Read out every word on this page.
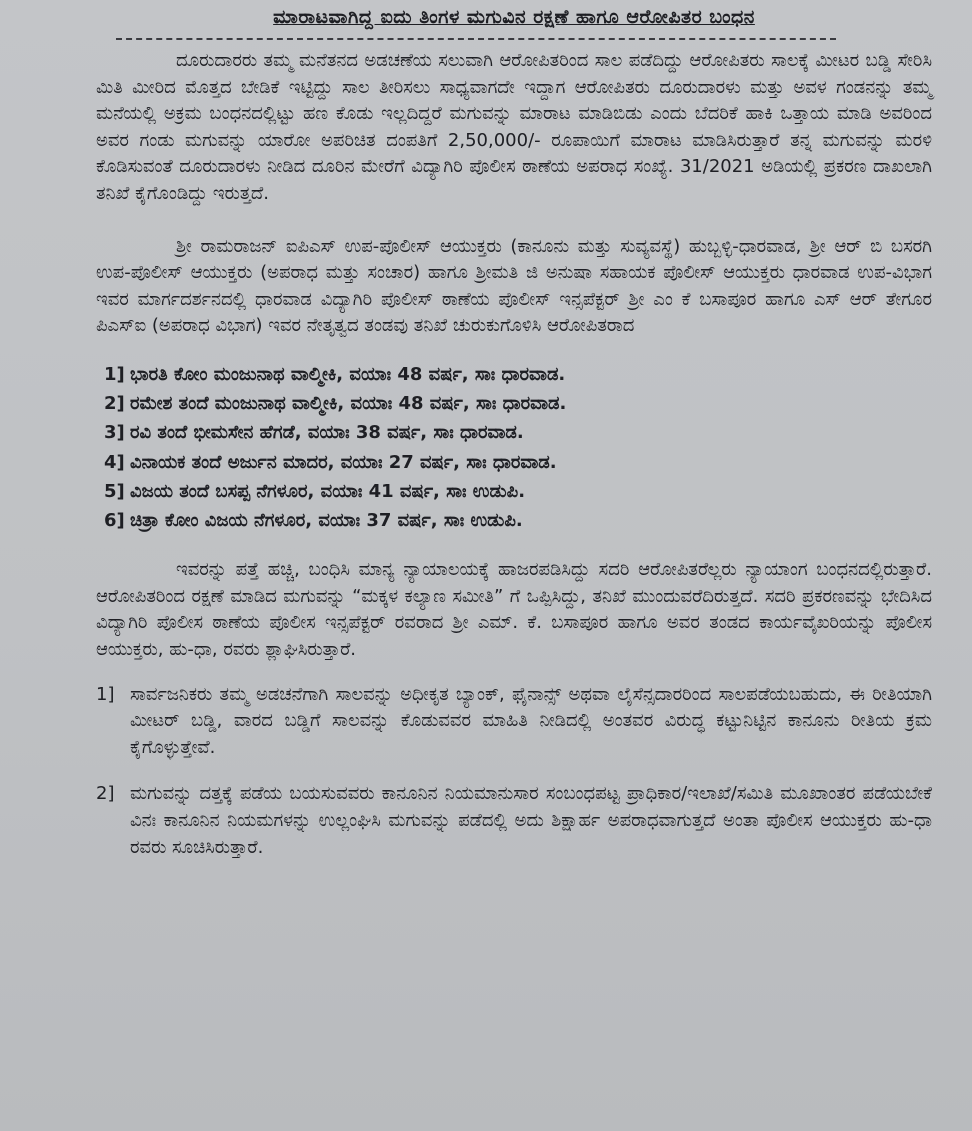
ಮಾರಾಟವಾಗಿದ್ದ ಐದು ತಿಂಗಳ ಮಗುವಿನ ರಕ್ಷಣೆ ಹಾಗೂ ಆರೋಪಿತರ ಬಂಧನ

ದೂರುದಾರರು ತಮ್ಮ ಮನೆತನದ ಅಡಚಣೆಯ ಸಲುವಾಗಿ ಆರೋಪಿತರಿಂದ ಸಾಲ ಪಡೆದಿದ್ದು ಆರೋಪಿತರು ಸಾಲಕ್ಕೆ ಮೀಟರ ಬಡ್ಡಿ ಸೇರಿಸಿ ಮಿತಿ ಮೀರಿದ ಮೊತ್ತದ ಬೇಡಿಕೆ ಇಟ್ಟಿದ್ದು ಸಾಲ ತೀರಿಸಲು ಸಾಧ್ಯವಾಗದೇ ಇದ್ದಾಗ ಆರೋಪಿತರು ದೂರುದಾರಳು ಮತ್ತು ಅವಳ ಗಂಡನನ್ನು ತಮ್ಮ ಮನೆಯಲ್ಲಿ ಅಕ್ರಮ ಬಂಧನದಲ್ಲಿಟ್ಟು ಹಣ ಕೊಡು ಇಲ್ಲದಿದ್ದರೆ ಮಗುವನ್ನು ಮಾರಾಟ ಮಾಡಿಬಿಡು ಎಂದು ಬೆದರಿಕೆ ಹಾಕಿ ಒತ್ತಾಯ ಮಾಡಿ ಅವರಿಂದ ಅವರ ಗಂಡು ಮಗುವನ್ನು ಯಾರೋ ಅಪರಿಚಿತ ದಂಪತಿಗೆ 2,50,000/- ರೂಪಾಯಿಗೆ ಮಾರಾಟ ಮಾಡಿಸಿರುತ್ತಾರೆ ತನ್ನ ಮಗುವನ್ನು ಮರಳಿ ಕೊಡಿಸುವಂತೆ ದೂರುದಾರಳು ನೀಡಿದ ದೂರಿನ ಮೇರೆಗೆ ವಿದ್ಯಾಗಿರಿ ಪೊಲೀಸ ಠಾಣೆಯ ಅಪರಾಧ ಸಂಖ್ಯೆ. 31/2021 ಅಡಿಯಲ್ಲಿ ಪ್ರಕರಣ ದಾಖಲಾಗಿ ತನಿಖೆ ಕೈಗೊಂಡಿದ್ದು ಇರುತ್ತದೆ.

ಶ್ರೀ ರಾಮರಾಜನ್ ಐಪಿಎಸ್ ಉಪ-ಪೊಲೀಸ್ ಆಯುಕ್ತರು (ಕಾನೂನು ಮತ್ತು ಸುವ್ಯವಸ್ಥೆ) ಹುಬ್ಬಳ್ಳಿ-ಧಾರವಾಡ, ಶ್ರೀ ಆರ್ ಬಿ ಬಸರಗಿ ಉಪ-ಪೊಲೀಸ್ ಆಯುಕ್ತರು (ಅಪರಾಧ ಮತ್ತು ಸಂಚಾರ) ಹಾಗೂ ಶ್ರೀಮತಿ ಜಿ ಅನುಷಾ ಸಹಾಯಕ ಪೊಲೀಸ್ ಆಯುಕ್ತರು ಧಾರವಾಡ ಉಪ-ವಿಭಾಗ ಇವರ ಮಾರ್ಗದರ್ಶನದಲ್ಲಿ ಧಾರವಾಡ ವಿದ್ಯಾಗಿರಿ ಪೊಲೀಸ್ ಠಾಣೆಯ ಪೊಲೀಸ್ ಇನ್ಸಪೆಕ್ಟರ್ ಶ್ರೀ ಎಂ ಕೆ ಬಸಾಪೂರ ಹಾಗೂ ಎಸ್ ಆರ್ ತೇಗೂರ ಪಿಎಸ್ಐ (ಅಪರಾಧ ವಿಭಾಗ) ಇವರ ನೇತೃತ್ವದ ತಂಡವು ತನಿಖೆ ಚುರುಕುಗೊಳಿಸಿ ಆರೋಪಿತರಾದ

1] ಭಾರತಿ ಕೋಂ ಮಂಜುನಾಥ ವಾಲ್ಮೀಕಿ, ವಯಾಃ 48 ವರ್ಷ, ಸಾಃ ಧಾರವಾಡ.
2] ರಮೇಶ ತಂದೆ ಮಂಜುನಾಥ ವಾಲ್ಮೀಕಿ, ವಯಾಃ 48 ವರ್ಷ, ಸಾಃ ಧಾರವಾಡ.
3] ರವಿ ತಂದೆ ಭೀಮಸೇನ ಹೆಗಡೆ, ವಯಾಃ 38 ವರ್ಷ, ಸಾಃ ಧಾರವಾಡ.
4] ವಿನಾಯಕ ತಂದೆ ಅರ್ಜುನ ಮಾದರ, ವಯಾಃ 27 ವರ್ಷ, ಸಾಃ ಧಾರವಾಡ.
5] ವಿಜಯ ತಂದೆ ಬಸಪ್ಪ ನೆಗಳೂರ, ವಯಾಃ 41 ವರ್ಷ, ಸಾಃ ಉಡುಪಿ.
6] ಚಿತ್ರಾ ಕೋಂ ವಿಜಯ ನೆಗಳೂರ, ವಯಾಃ 37 ವರ್ಷ, ಸಾಃ ಉಡುಪಿ.

ಇವರನ್ನು ಪತ್ತೆ ಹಚ್ಚಿ, ಬಂಧಿಸಿ ಮಾನ್ಯ ನ್ಯಾಯಾಲಯಕ್ಕೆ ಹಾಜರಪಡಿಸಿದ್ದು ಸದರಿ ಆರೋಪಿತರೆಲ್ಲರು ನ್ಯಾಯಾಂಗ ಬಂಧನದಲ್ಲಿರುತ್ತಾರೆ. ಆರೋಪಿತರಿಂದ ರಕ್ಷಣೆ ಮಾಡಿದ ಮಗುವನ್ನು “ಮಕ್ಕಳ ಕಲ್ಯಾಣ ಸಮೀತಿ” ಗೆ ಒಪ್ಪಿಸಿದ್ದು, ತನಿಖೆ ಮುಂದುವರೆದಿರುತ್ತದೆ. ಸದರಿ ಪ್ರಕರಣವನ್ನು ಭೇದಿಸಿದ ವಿದ್ಯಾಗಿರಿ ಪೊಲೀಸ ಠಾಣೆಯ ಪೊಲೀಸ ಇನ್ಸಪೆಕ್ಟರ್ ರವರಾದ ಶ್ರೀ ಎಮ್. ಕೆ. ಬಸಾಪೂರ ಹಾಗೂ ಅವರ ತಂಡದ ಕಾರ್ಯವೈಖರಿಯನ್ನು ಪೊಲೀಸ ಆಯುಕ್ತರು, ಹು-ಧಾ, ರವರು ಶ್ಲಾಘಿಸಿರುತ್ತಾರೆ.

1] ಸಾರ್ವಜನಿಕರು ತಮ್ಮ ಅಡಚನೆಗಾಗಿ ಸಾಲವನ್ನು ಅಧೀಕೃತ ಬ್ಯಾಂಕ್, ಫೈನಾನ್ಸ್ ಅಥವಾ ಲೈಸೆನ್ಸದಾರರಿಂದ ಸಾಲಪಡೆಯಬಹುದು, ಈ ರೀತಿಯಾಗಿ ಮೀಟರ್ ಬಡ್ಡಿ, ವಾರದ ಬಡ್ಡಿಗೆ ಸಾಲವನ್ನು ಕೊಡುವವರ ಮಾಹಿತಿ ನೀಡಿದಲ್ಲಿ ಅಂತವರ ವಿರುದ್ಧ ಕಟ್ಟುನಿಟ್ಟಿನ ಕಾನೂನು ರೀತಿಯ ಕ್ರಮ ಕೈಗೊಳ್ಳುತ್ತೇವೆ.
2] ಮಗುವನ್ನು ದತ್ತಕ್ಕೆ ಪಡೆಯ ಬಯಸುವವರು ಕಾನೂನಿನ ನಿಯಮಾನುಸಾರ ಸಂಬಂಧಪಟ್ಟ ಪ್ರಾಧಿಕಾರ/ಇಲಾಖೆ/ಸಮಿತಿ ಮೂಖಾಂತರ ಪಡೆಯಬೇಕೆ ವಿನಃ ಕಾನೂನಿನ ನಿಯಮಗಳನ್ನು ಉಲ್ಲಂಘಿಸಿ ಮಗುವನ್ನು ಪಡೆದಲ್ಲಿ ಅದು ಶಿಕ್ಷಾರ್ಹ ಅಪರಾಧವಾಗುತ್ತದೆ ಅಂತಾ ಪೊಲೀಸ ಆಯುಕ್ತರು ಹು-ಧಾ ರವರು ಸೂಚಿಸಿರುತ್ತಾರೆ.
